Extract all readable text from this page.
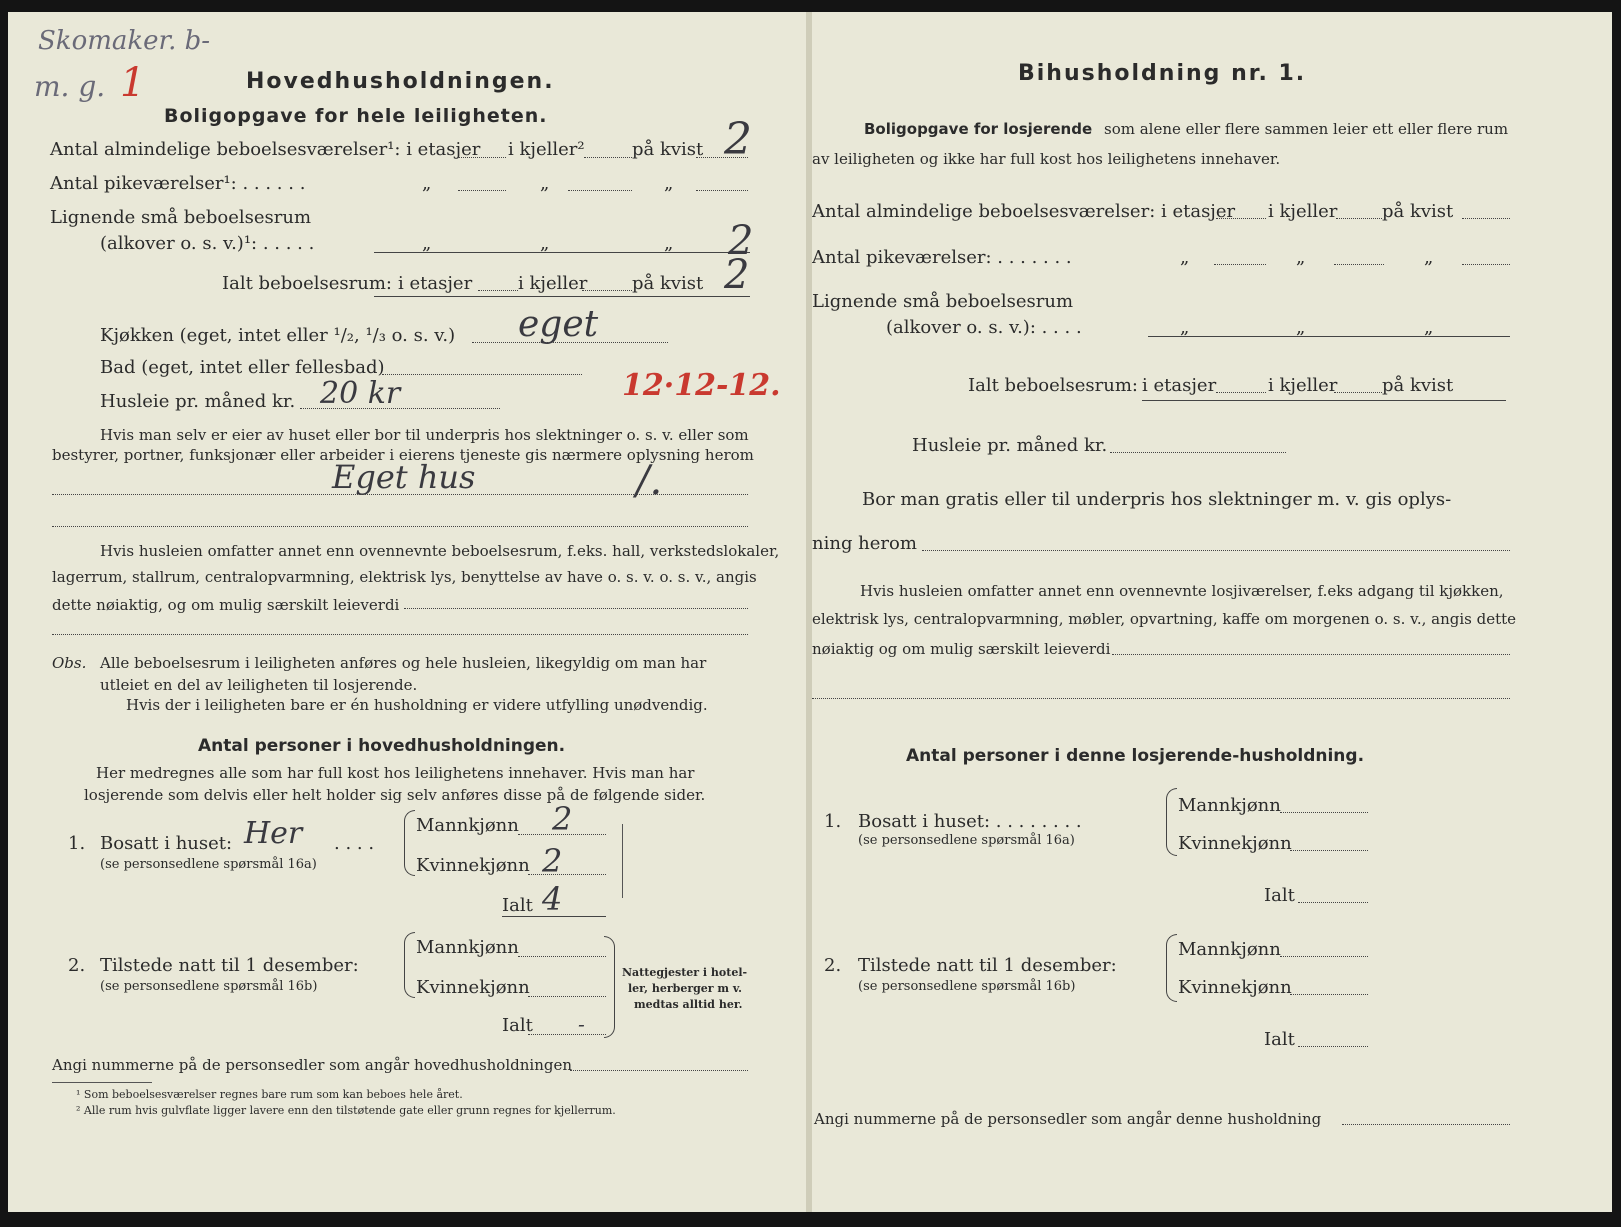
Skomaker. b-
m. g. 1	Hovedhusholdningen.
Boligopgave for hele leiligheten.
Antal almindelige beboelsesværelser¹: i etasjer i kjeller²	på kvist 2
Antal pikeværelser¹: . . . . . .	„	„	„
Lignende små beboelsesrum
(alkover o. s. v.)¹: . . . . .	„	„	„ 2
Ialt beboelsesrum: i etasjer	i kjeller på kvist 2
Kjøkken (eget, intet eller ¹/₂, ¹/₃ o. s. v.) eget
Bad (eget, intet eller fellesbad)
Husleie pr. måned kr. 20 kr	12·12-12.
Hvis man selv er eier av huset eller bor til underpris hos slektninger o. s. v. eller som
bestyrer, portner, funksjonær eller arbeider i eierens tjeneste gis nærmere oplysning herom
Eget hus	/.
Hvis husleien omfatter annet enn ovennevnte beboelsesrum, f.eks. hall, verkstedslokaler,
lagerrum, stallrum, centralopvarmning, elektrisk lys, benyttelse av have o. s. v. o. s. v., angis
dette nøiaktig, og om mulig særskilt leieverdi
Obs. Alle beboelsesrum i leiligheten anføres og hele husleien, likegyldig om man har
utleiet en del av leiligheten til losjerende.
Hvis der i leiligheten bare er én husholdning er videre utfylling unødvendig.
Antal personer i hovedhusholdningen.
Her medregnes alle som har full kost hos leilighetens innehaver. Hvis man har
losjerende som delvis eller helt holder sig selv anføres disse på de følgende sider.
1. Bosatt i huset: Her . . . .
(se personsedlene spørsmål 16a)
Mannkjønn 2
Kvinnekjønn 2
Ialt 4
2. Tilstede natt til 1 desember:
(se personsedlene spørsmål 16b)
Mannkjønn
Kvinnekjønn
Ialt -
Nattegjester i hotel-
ler, herberger m v.
medtas alltid her.
Angi nummerne på de personsedler som angår hovedhusholdningen
¹ Som beboelsesværelser regnes bare rum som kan beboes hele året.
² Alle rum hvis gulvflate ligger lavere enn den tilstøtende gate eller grunn regnes for kjellerrum.
Bihusholdning nr. 1.
Boligopgave for losjerende som alene eller flere sammen leier ett eller flere rum
av leiligheten og ikke har full kost hos leilighetens innehaver.
Antal almindelige beboelsesværelser: i etasjer i kjeller på kvist
Antal pikeværelser: . . . . . . .	„	„	„
Lignende små beboelsesrum
(alkover o. s. v.): . . . .	„	„	„
Ialt beboelsesrum: i etasjer	i kjeller på kvist
Husleie pr. måned kr.
Bor man gratis eller til underpris hos slektninger m. v. gis oplys-
ning herom
Hvis husleien omfatter annet enn ovennevnte losjiværelser, f.eks adgang til kjøkken,
elektrisk lys, centralopvarmning, møbler, opvartning, kaffe om morgenen o. s. v., angis dette
nøiaktig og om mulig særskilt leieverdi
Antal personer i denne losjerende-husholdning.
1. Bosatt i huset: . . . . . . . .
(se personsedlene spørsmål 16a)
Mannkjønn
Kvinnekjønn
Ialt
2. Tilstede natt til 1 desember:
(se personsedlene spørsmål 16b)
Mannkjønn
Kvinnekjønn
Ialt
Angi nummerne på de personsedler som angår denne husholdning
